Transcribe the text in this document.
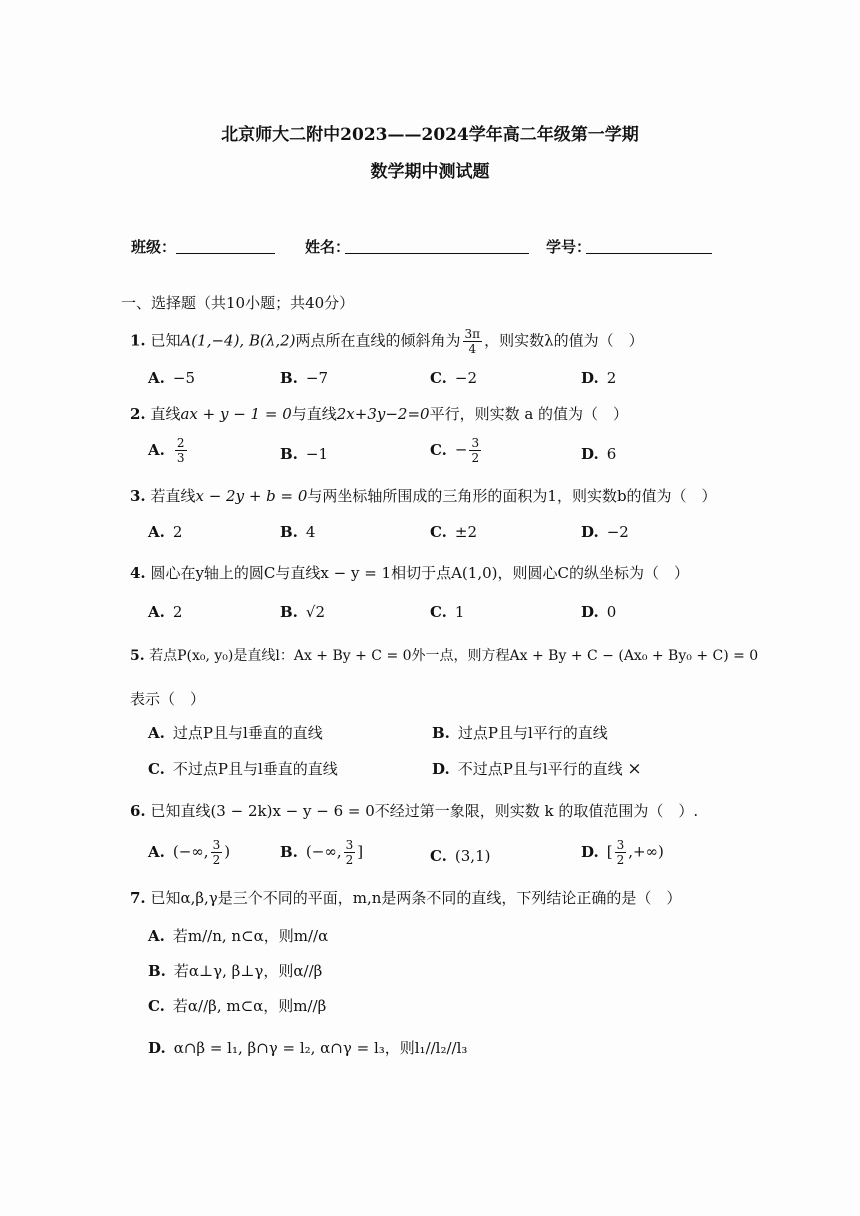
北京师大二附中2023——2024学年高二年级第一学期
数学期中测试题
班级：	姓名：	学号：
一、选择题（共10小题；共40分）
1. 已知A(1,−4), B(λ,2)两点所在直线的倾斜角为 $\frac{3\pi}{4}$ ，则实数λ的值为（　）
A. −5	B. −7	C. −2	D. 2
2. 直线ax + y − 1 = 0与直线2x+3y−2=0平行，则实数 a 的值为（　）
A. $\frac{2}{3}$	B. −1	C. − $\frac{3}{2}$	D. 6
3. 若直线x − 2y + b = 0与两坐标轴所围成的三角形的面积为1，则实数b的值为（　）
A. 2	B. 4	C. ±2	D. −2
4. 圆心在y轴上的圆C与直线x − y = 1相切于点A(1,0)，则圆心C的纵坐标为（　）
A. 2	B. √2	C. 1	D. 0
5. 若点P(x₀, y₀)是直线l：Ax + By + C = 0外一点，则方程Ax + By + C − (Ax₀ + By₀ + C) = 0
表示（　）
A. 过点P且与l垂直的直线	B. 过点P且与l平行的直线
C. 不过点P且与l垂直的直线	D. 不过点P且与l平行的直线 ×
6. 已知直线(3 − 2k)x − y − 6 = 0不经过第一象限，则实数 k 的取值范围为（　）.
A. (−∞, $\frac{3}{2}$ )	B. (−∞, $\frac{3}{2}$ ]	C. (3,1)	D. [ $\frac{3}{2}$ ,+∞)
7. 已知α,β,γ是三个不同的平面，m,n是两条不同的直线，下列结论正确的是（　）
A. 若m//n, n⊂α，则m//α
B. 若α⊥γ, β⊥γ，则α//β
C. 若α//β, m⊂α，则m//β
D. α∩β = l₁, β∩γ = l₂, α∩γ = l₃，则l₁//l₂//l₃
